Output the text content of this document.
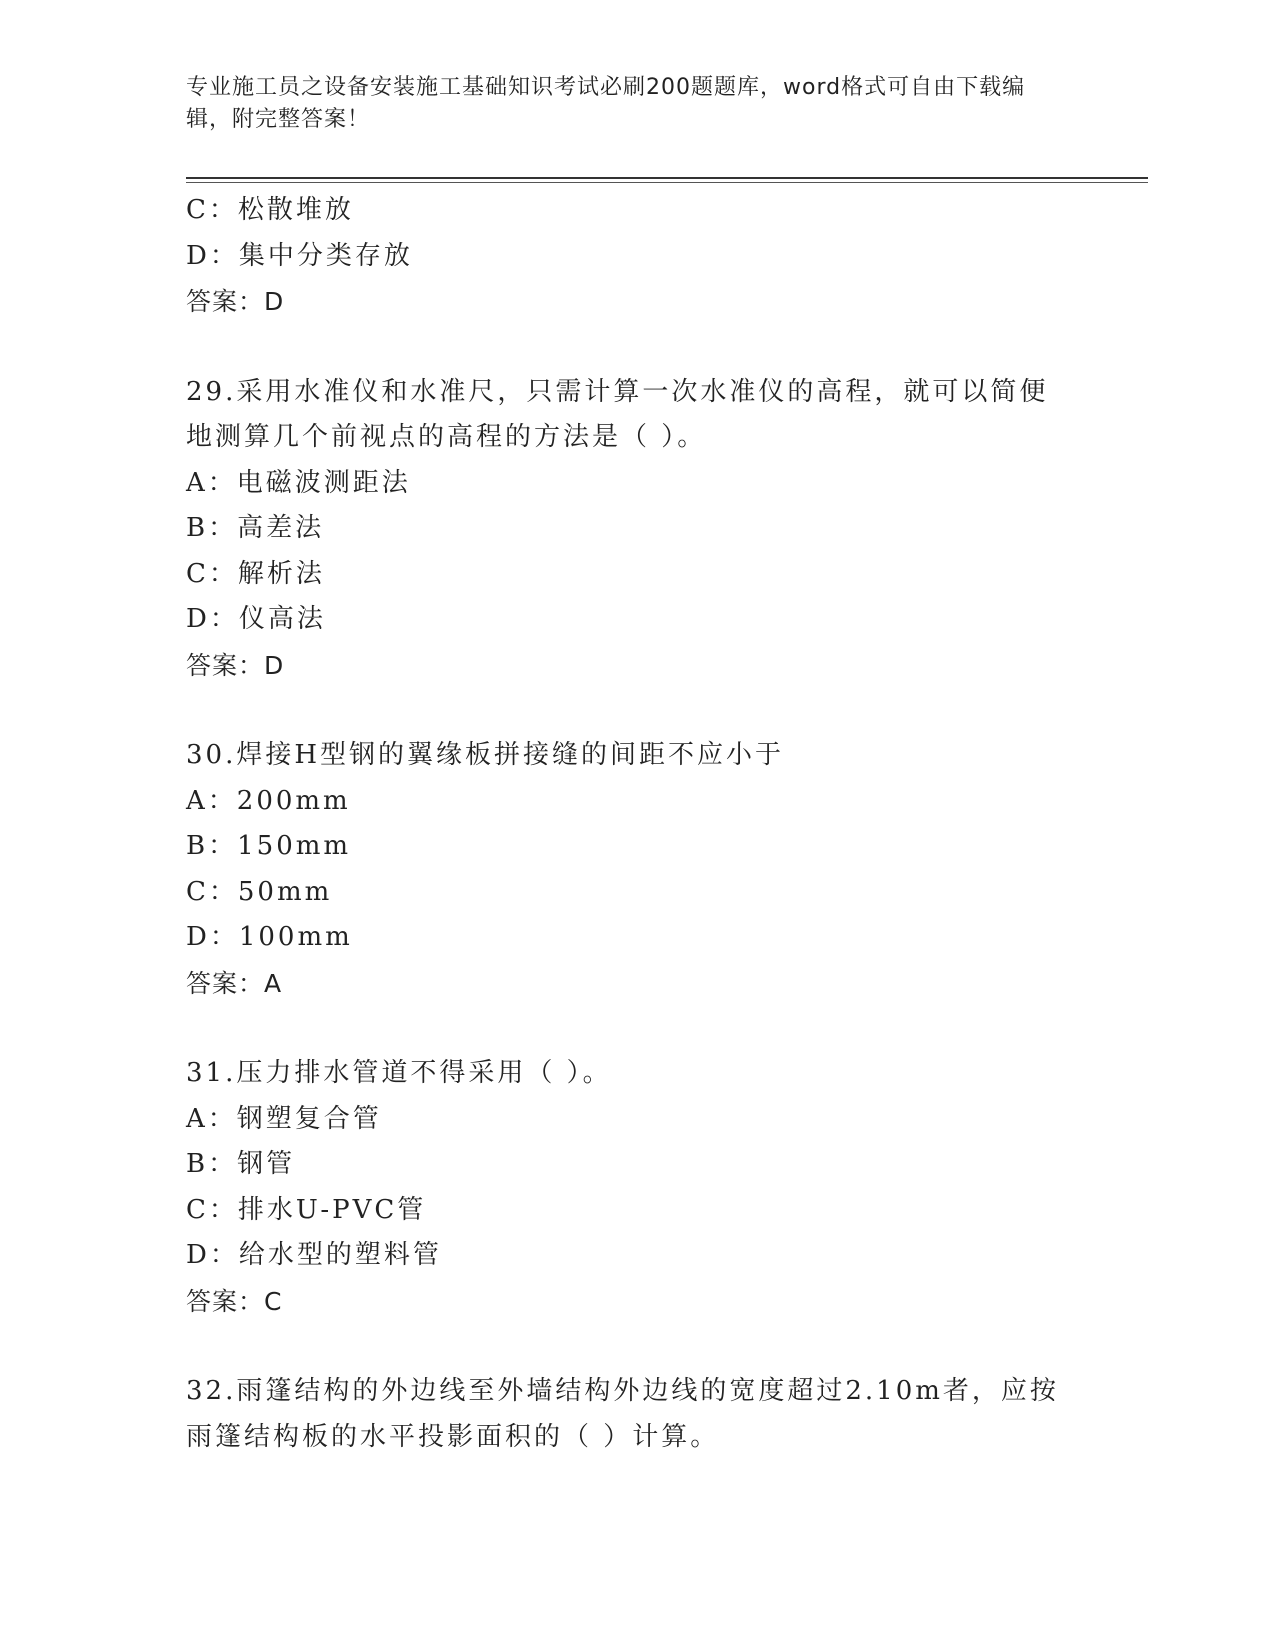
专业施工员之设备安装施工基础知识考试必刷200题题库，word格式可自由下载编辑，附完整答案！
C：松散堆放
D：集中分类存放
答案：D
29.采用水准仪和水准尺，只需计算一次水准仪的高程，就可以简便地测算几个前视点的高程的方法是（ ）。
A：电磁波测距法
B：高差法
C：解析法
D：仪高法
答案：D
30.焊接H型钢的翼缘板拼接缝的间距不应小于
A：200mm
B：150mm
C：50mm
D：100mm
答案：A
31.压力排水管道不得采用（ ）。
A：钢塑复合管
B：钢管
C：排水U-PVC管
D：给水型的塑料管
答案：C
32.雨篷结构的外边线至外墙结构外边线的宽度超过2.10m者，应按雨篷结构板的水平投影面积的（ ）计算。
